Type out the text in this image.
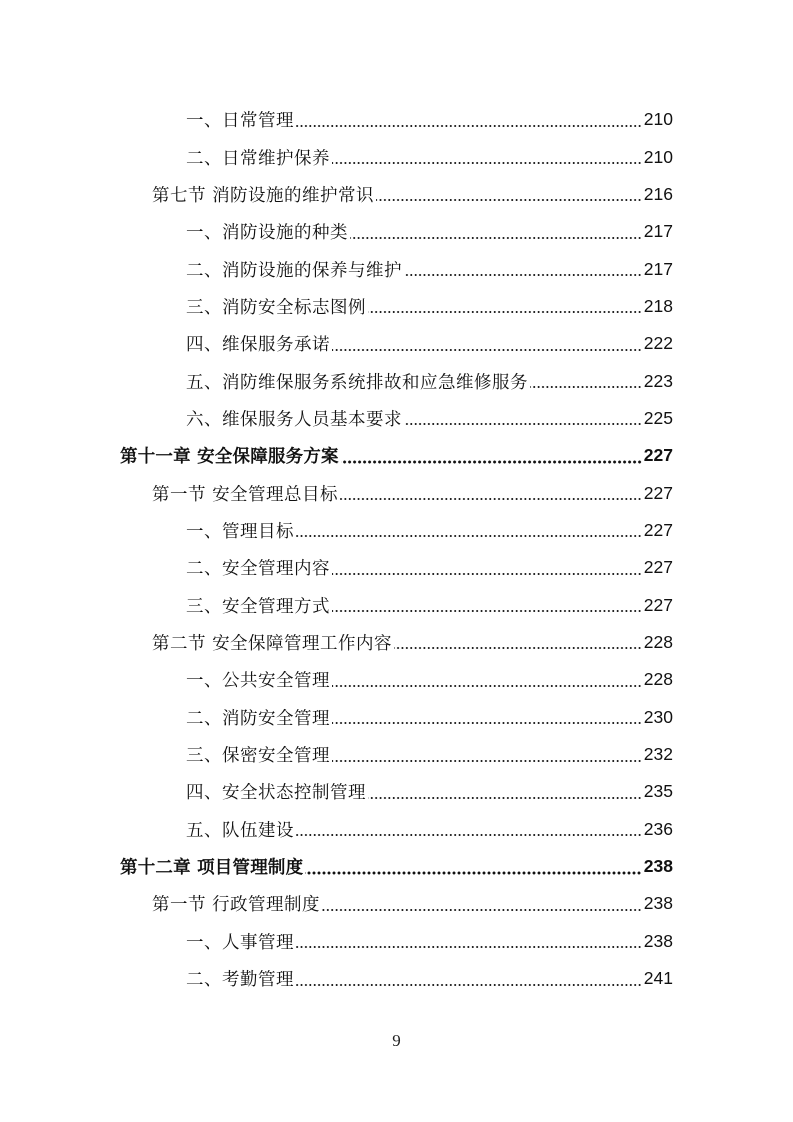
一、日常管理	210
二、日常维护保养	210
第七节 消防设施的维护常识	216
一、消防设施的种类	217
二、消防设施的保养与维护	217
三、消防安全标志图例	218
四、维保服务承诺	222
五、消防维保服务系统排故和应急维修服务	223
六、维保服务人员基本要求	225
第十一章 安全保障服务方案	227
第一节 安全管理总目标	227
一、管理目标	227
二、安全管理内容	227
三、安全管理方式	227
第二节 安全保障管理工作内容	228
一、公共安全管理	228
二、消防安全管理	230
三、保密安全管理	232
四、安全状态控制管理	235
五、队伍建设	236
第十二章 项目管理制度	238
第一节 行政管理制度	238
一、人事管理	238
二、考勤管理	241
9
